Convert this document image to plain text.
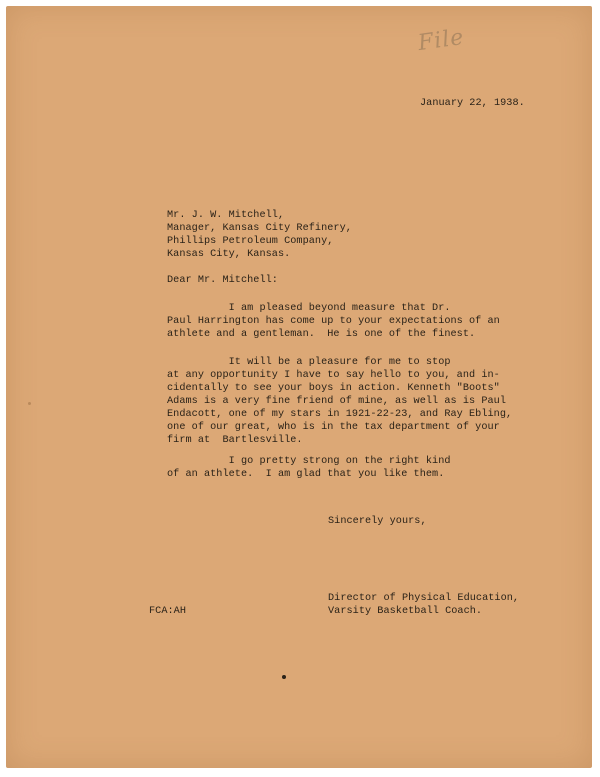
File
January 22, 1938.
Mr. J. W. Mitchell,
Manager, Kansas City Refinery,
Phillips Petroleum Company,
Kansas City, Kansas.
Dear Mr. Mitchell:
I am pleased beyond measure that Dr.
Paul Harrington has come up to your expectations of an
athlete and a gentleman.  He is one of the finest.
It will be a pleasure for me to stop
at any opportunity I have to say hello to you, and in-
cidentally to see your boys in action. Kenneth "Boots"
Adams is a very fine friend of mine, as well as is Paul
Endacott, one of my stars in 1921-22-23, and Ray Ebling,
one of our great, who is in the tax department of your
firm at  Bartlesville.
I go pretty strong on the right kind
of an athlete.  I am glad that you like them.
Sincerely yours,
Director of Physical Education,
Varsity Basketball Coach.
FCA:AH
